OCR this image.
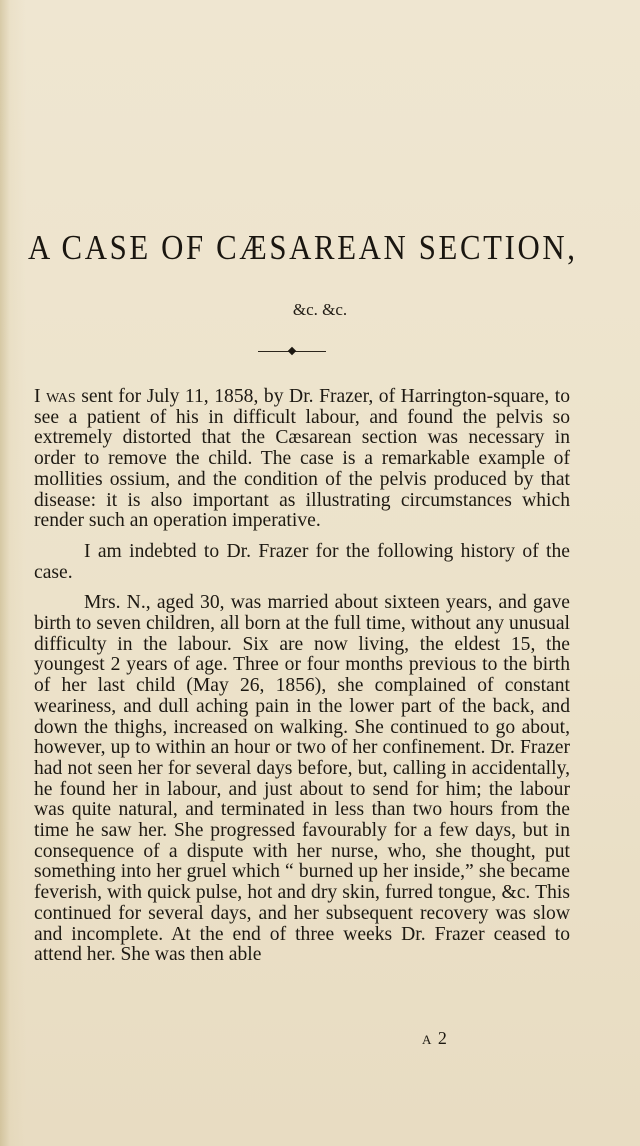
A CASE OF CÆSAREAN SECTION,
&c. &c.

I was sent for July 11, 1858, by Dr. Frazer, of Harrington-square, to see a patient of his in difficult labour, and found the pelvis so extremely distorted that the Cæsarean section was necessary in order to remove the child. The case is a remarkable example of mollities ossium, and the condition of the pelvis produced by that disease: it is also important as illustrating circumstances which render such an operation imperative.

I am indebted to Dr. Frazer for the following history of the case.

Mrs. N., aged 30, was married about sixteen years, and gave birth to seven children, all born at the full time, without any unusual difficulty in the labour. Six are now living, the eldest 15, the youngest 2 years of age. Three or four months previous to the birth of her last child (May 26, 1856), she complained of constant weariness, and dull aching pain in the lower part of the back, and down the thighs, increased on walking. She continued to go about, however, up to within an hour or two of her confinement. Dr. Frazer had not seen her for several days before, but, calling in accidentally, he found her in labour, and just about to send for him; the labour was quite natural, and terminated in less than two hours from the time he saw her. She progressed favourably for a few days, but in consequence of a dispute with her nurse, who, she thought, put something into her gruel which “ burned up her inside,” she became feverish, with quick pulse, hot and dry skin, furred tongue, &c. This continued for several days, and her subsequent recovery was slow and incomplete. At the end of three weeks Dr. Frazer ceased to attend her. She was then able

a 2
